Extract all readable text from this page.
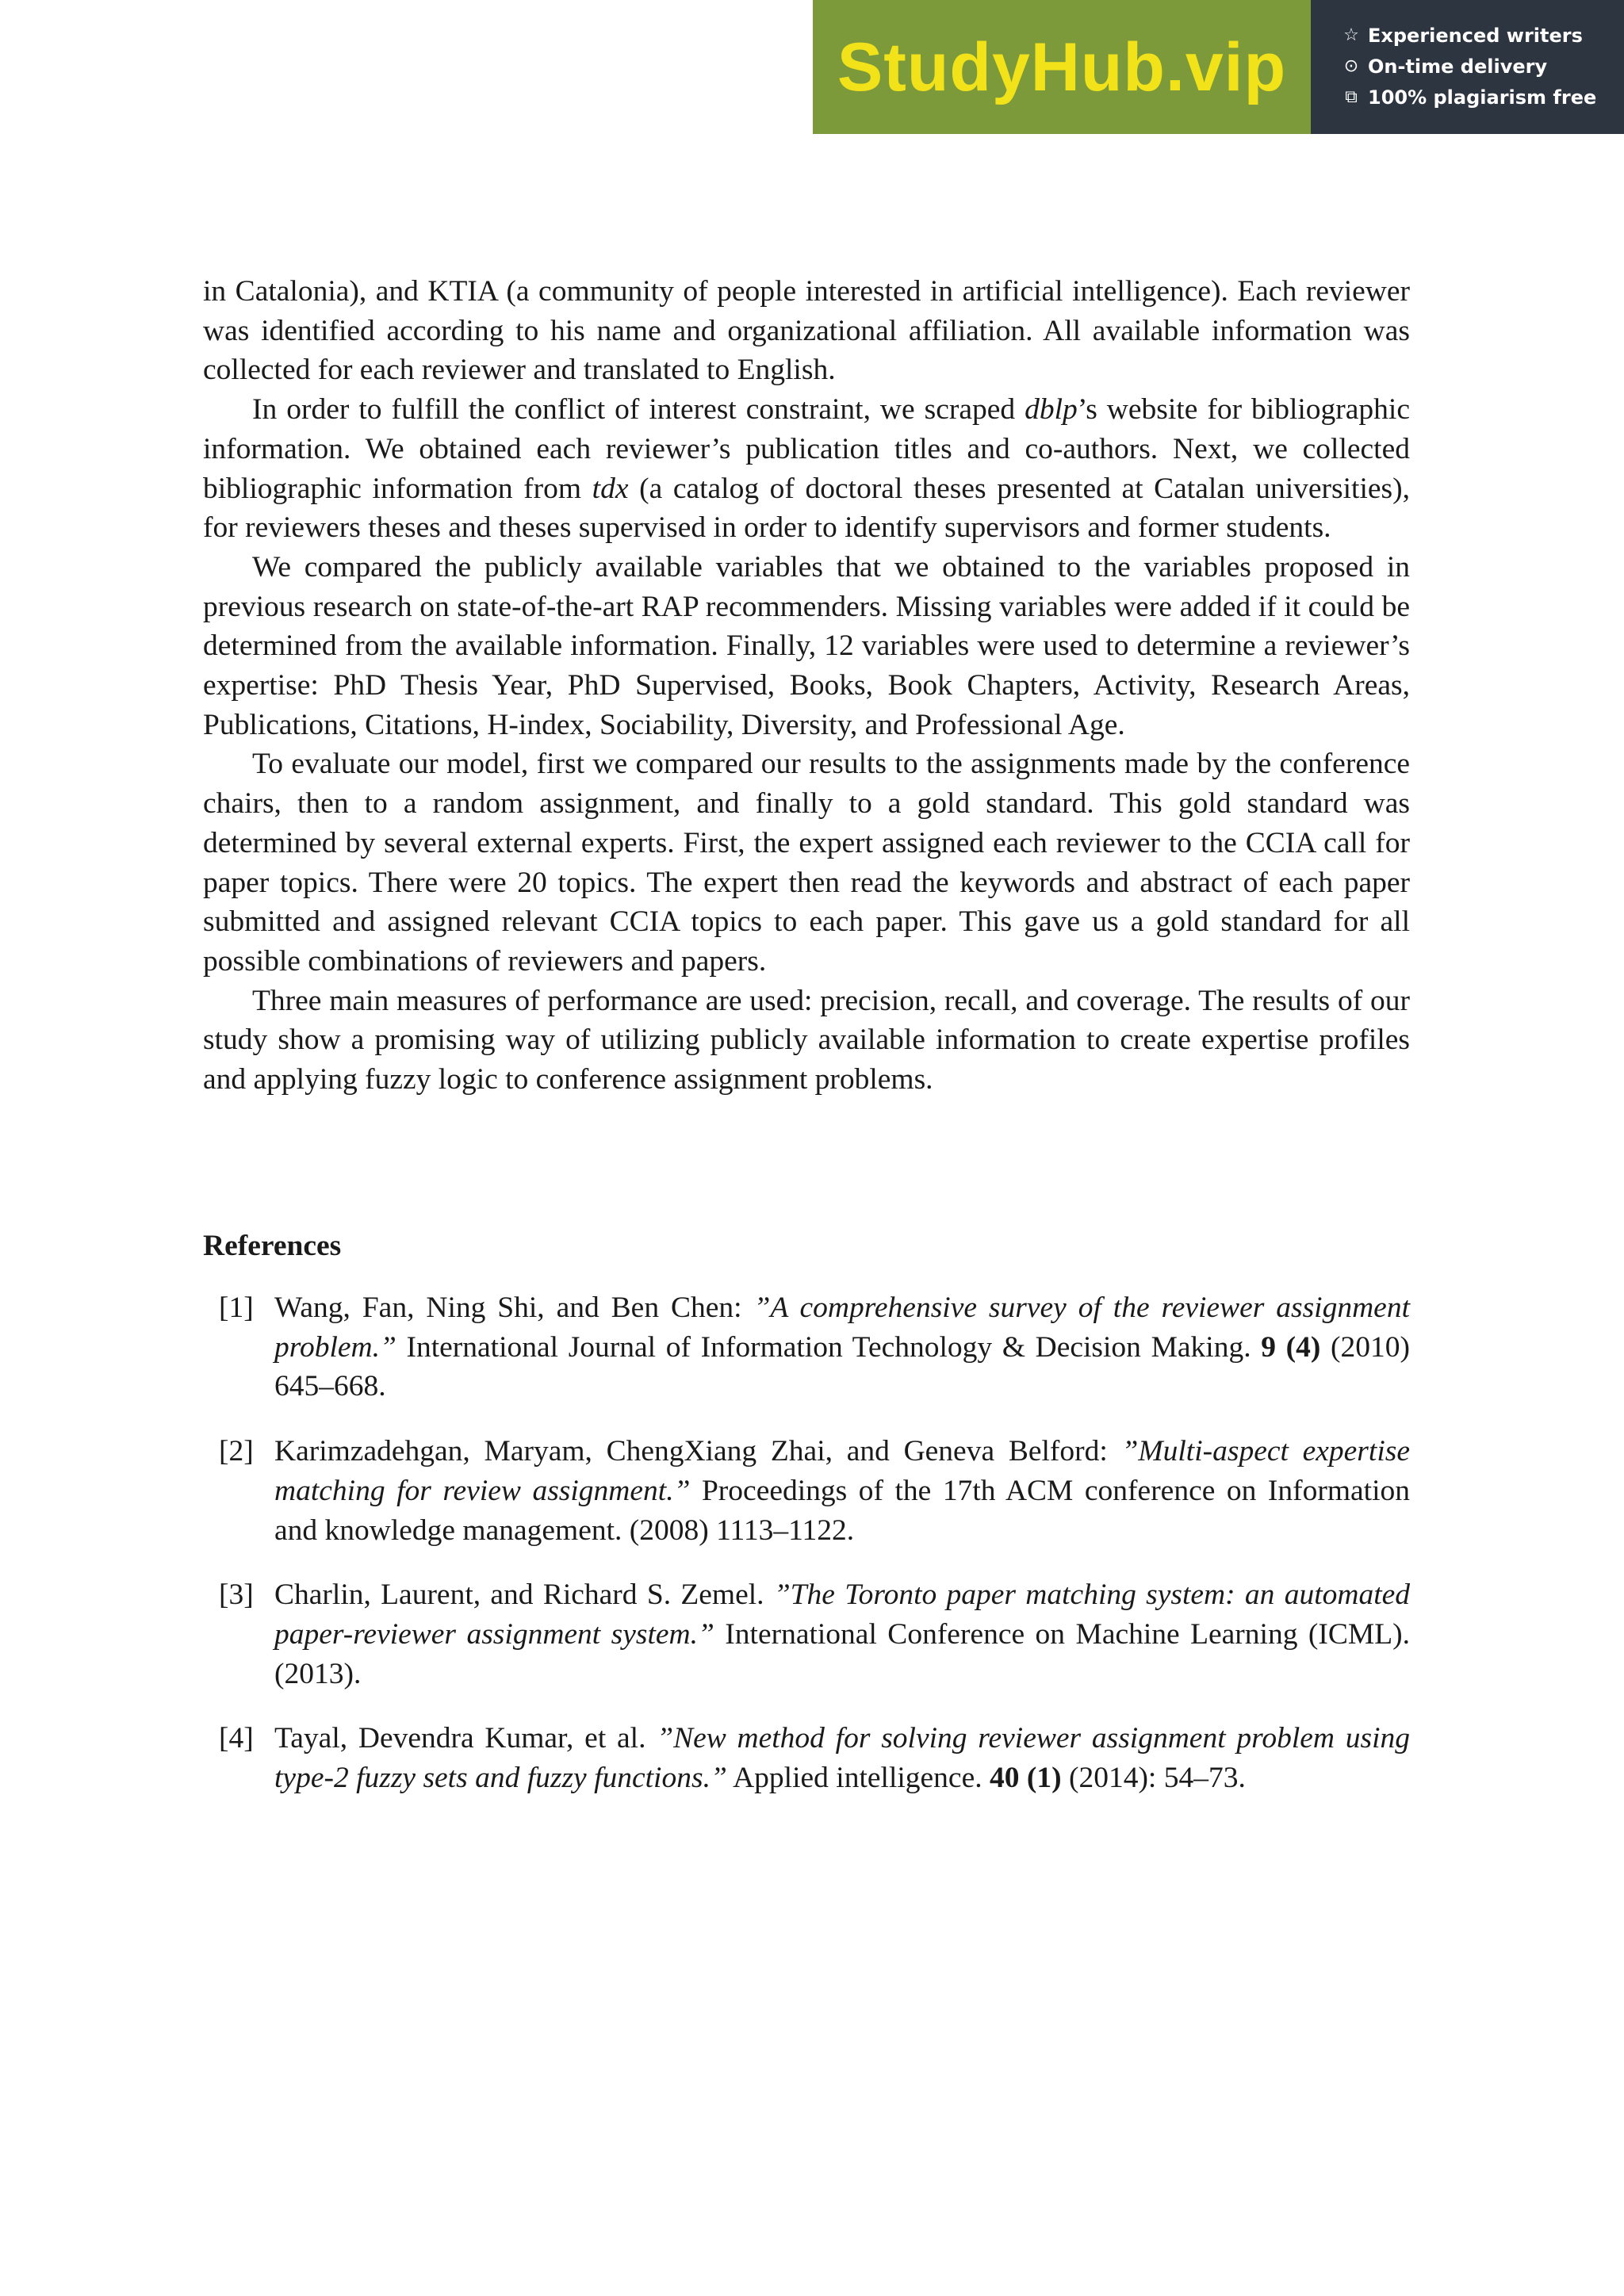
StudyHub.vip	☆ Experienced writers
⊙ On-time delivery
⧉ 100% plagiarism free

in Catalonia), and KTIA (a community of people interested in artificial intelligence). Each reviewer was identified according to his name and organizational affiliation. All available information was collected for each reviewer and translated to English.

In order to fulfill the conflict of interest constraint, we scraped dblp’s website for bibliographic information. We obtained each reviewer’s publication titles and co-authors. Next, we collected bibliographic information from tdx (a catalog of doctoral theses presented at Catalan universities), for reviewers theses and theses supervised in order to identify supervisors and former students.

We compared the publicly available variables that we obtained to the variables proposed in previous research on state-of-the-art RAP recommenders. Missing variables were added if it could be determined from the available information. Finally, 12 variables were used to determine a reviewer’s expertise: PhD Thesis Year, PhD Supervised, Books, Book Chapters, Activity, Research Areas, Publications, Citations, H-index, Sociability, Diversity, and Professional Age.

To evaluate our model, first we compared our results to the assignments made by the conference chairs, then to a random assignment, and finally to a gold standard. This gold standard was determined by several external experts. First, the expert assigned each reviewer to the CCIA call for paper topics. There were 20 topics. The expert then read the keywords and abstract of each paper submitted and assigned relevant CCIA topics to each paper. This gave us a gold standard for all possible combinations of reviewers and papers.

Three main measures of performance are used: precision, recall, and coverage. The results of our study show a promising way of utilizing publicly available information to create expertise profiles and applying fuzzy logic to conference assignment problems.

References
[1] Wang, Fan, Ning Shi, and Ben Chen: ”A comprehensive survey of the reviewer assignment problem.” International Journal of Information Technology & Decision Making. 9 (4) (2010) 645–668.
[2] Karimzadehgan, Maryam, ChengXiang Zhai, and Geneva Belford: ”Multi-aspect expertise matching for review assignment.” Proceedings of the 17th ACM conference on Information and knowledge management. (2008) 1113–1122.
[3] Charlin, Laurent, and Richard S. Zemel. ”The Toronto paper matching system: an automated paper-reviewer assignment system.” International Conference on Machine Learning (ICML). (2013).
[4] Tayal, Devendra Kumar, et al. ”New method for solving reviewer assignment problem using type-2 fuzzy sets and fuzzy functions.” Applied intelligence. 40 (1) (2014): 54–73.
